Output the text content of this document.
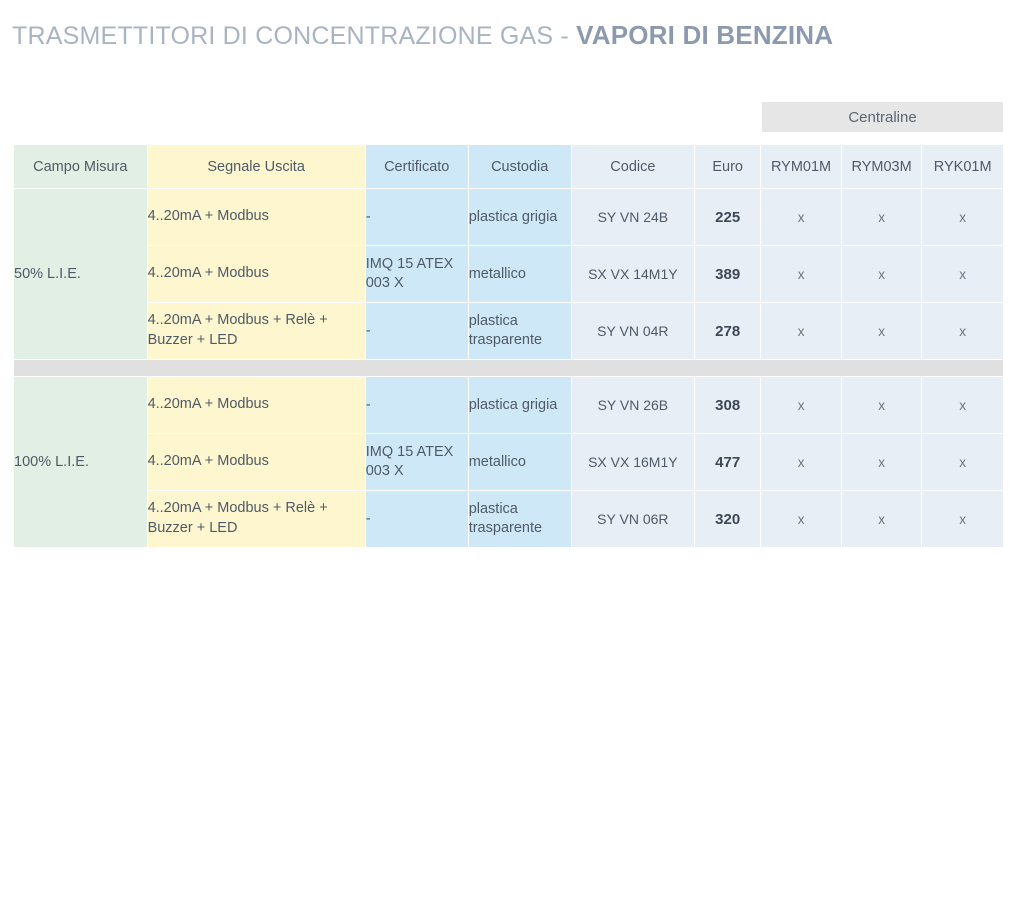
TRASMETTITORI DI CONCENTRAZIONE GAS - VAPORI DI BENZINA
Centraline
Campo Misura	Segnale Uscita	Certificato	Custodia	Codice	Euro	RYM01M	RYM03M	RYK01M
50% L.I.E.	4..20mA + Modbus	-	plastica grigia	SY VN 24B	225	x	x	x
	4..20mA + Modbus	IMQ 15 ATEX 003 X	metallico	SX VX 14M1Y	389	x	x	x
	4..20mA + Modbus + Relè + Buzzer + LED	-	plastica trasparente	SY VN 04R	278	x	x	x

100% L.I.E.	4..20mA + Modbus	-	plastica grigia	SY VN 26B	308	x	x	x
	4..20mA + Modbus	IMQ 15 ATEX 003 X	metallico	SX VX 16M1Y	477	x	x	x
	4..20mA + Modbus + Relè + Buzzer + LED	-	plastica trasparente	SY VN 06R	320	x	x	x
